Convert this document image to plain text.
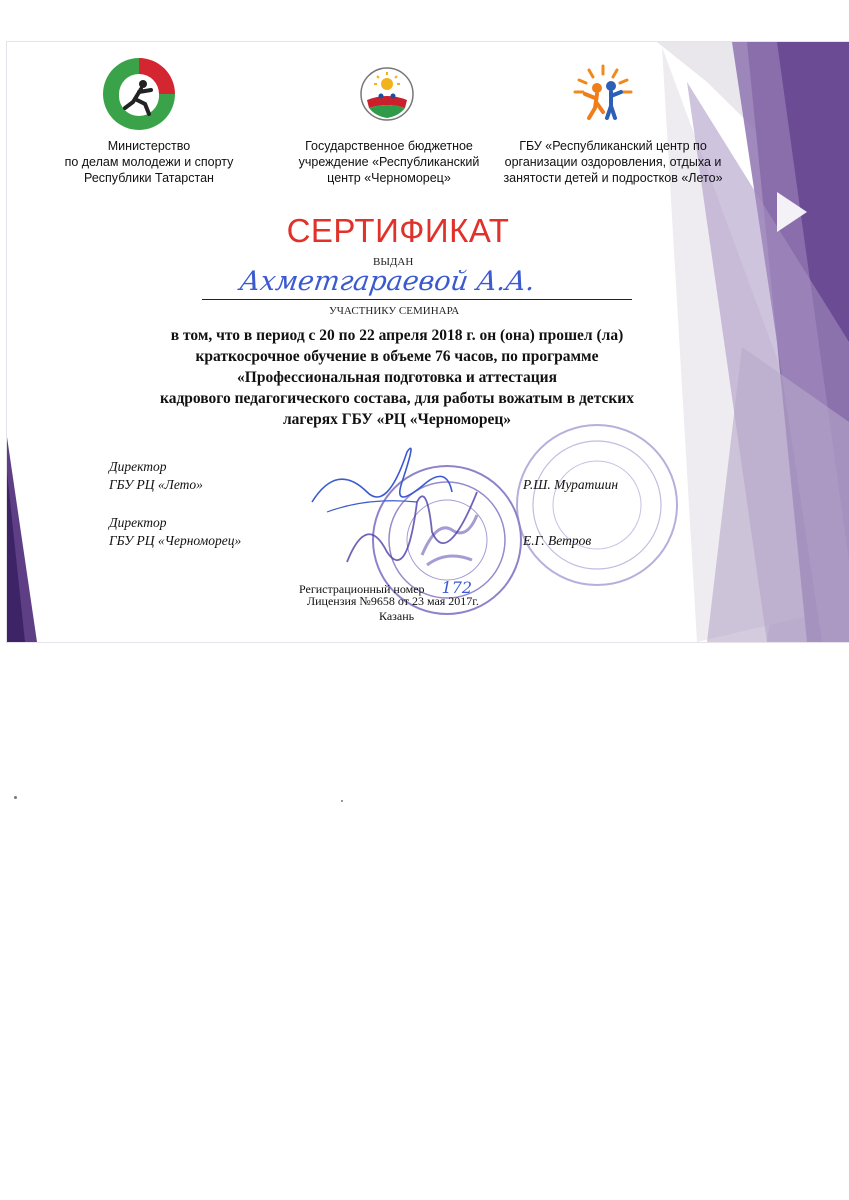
Министерство
по делам молодежи и спорту
Республики Татарстан
Государственное бюджетное
учреждение «Республиканский
центр «Черноморец»
ГБУ «Республиканский центр по
организации оздоровления, отдыха и
занятости детей и подростков «Лето»
СЕРТИФИКАТ
ВЫДАН
Ахметгараевой А.А.
УЧАСТНИКУ СЕМИНАРА
в том, что в период с 20 по 22 апреля 2018 г. он (она) прошел (ла)
краткосрочное обучение в объеме 76 часов, по программе
«Профессиональная подготовка и аттестация
кадрового педагогического состава, для работы вожатым в детских
лагерях ГБУ «РЦ «Черноморец»
Директор
ГБУ РЦ «Лето»	Р.Ш. Муратшин
Директор
ГБУ РЦ «Черноморец»	Е.Г. Ветров
Регистрационный номер 172
Лицензия №9658 от 23 мая 2017г.
Казань
